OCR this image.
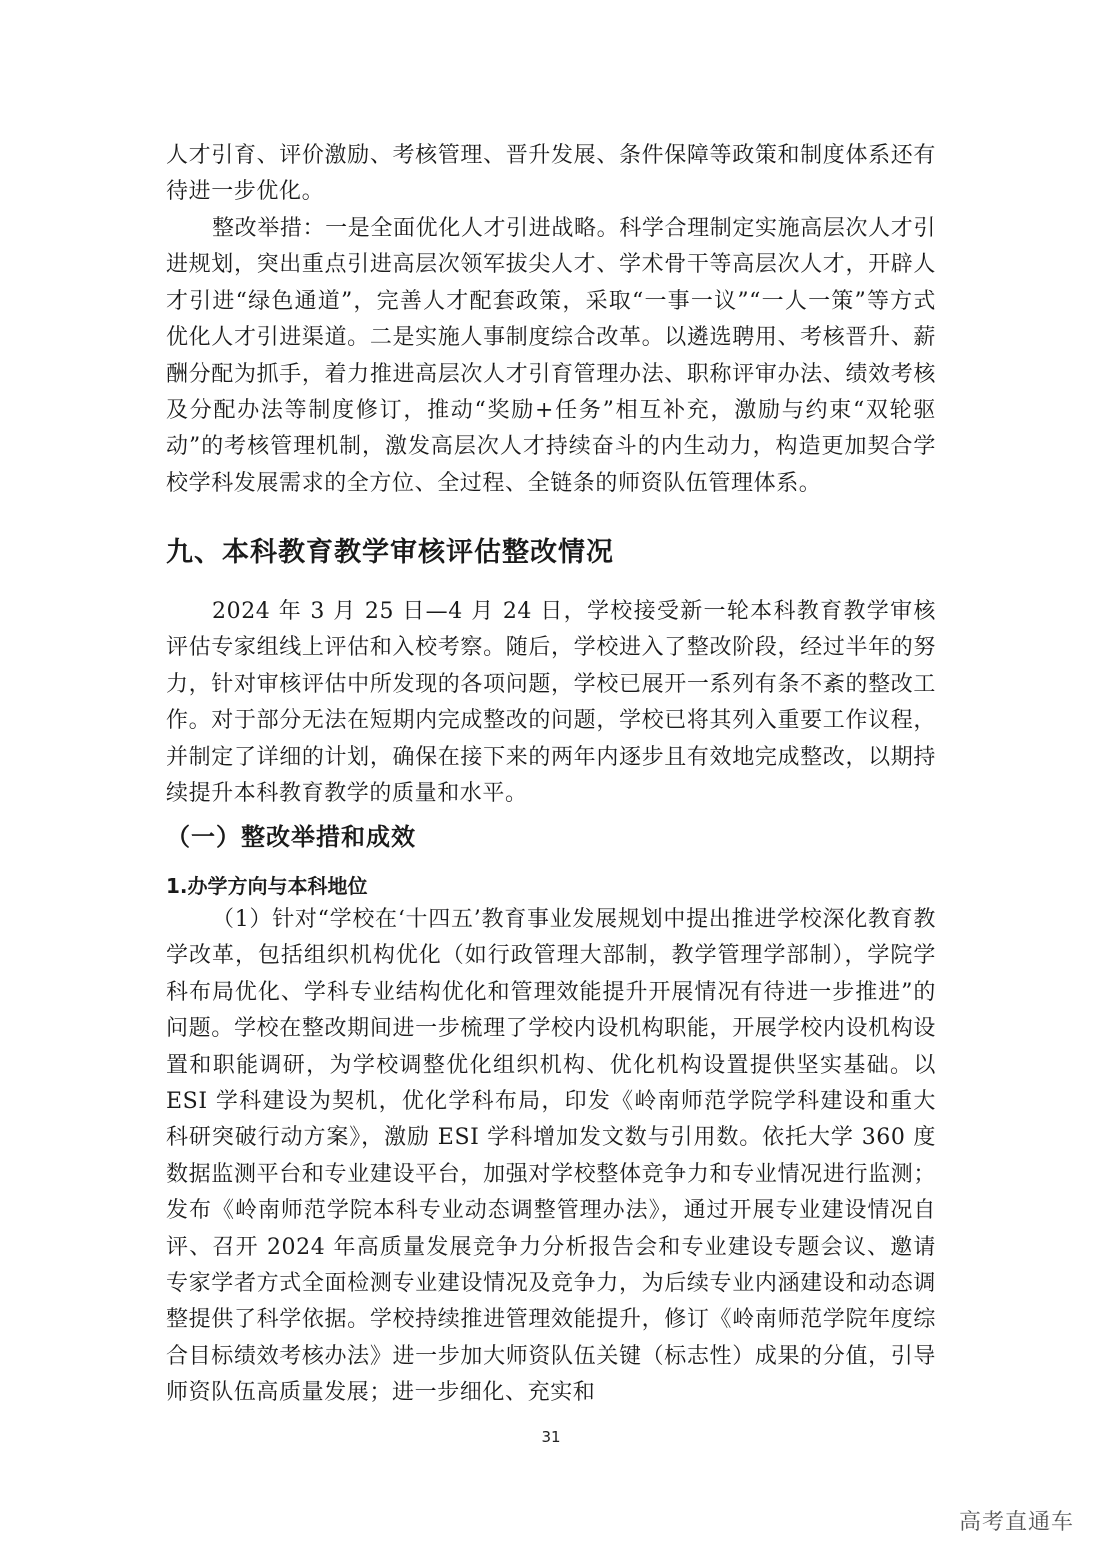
人才引育、评价激励、考核管理、晋升发展、条件保障等政策和制度体系还有待进一步优化。

整改举措：一是全面优化人才引进战略。科学合理制定实施高层次人才引进规划，突出重点引进高层次领军拔尖人才、学术骨干等高层次人才，开辟人才引进“绿色通道”，完善人才配套政策，采取“一事一议”“一人一策”等方式优化人才引进渠道。二是实施人事制度综合改革。以遴选聘用、考核晋升、薪酬分配为抓手，着力推进高层次人才引育管理办法、职称评审办法、绩效考核及分配办法等制度修订，推动“奖励+任务”相互补充，激励与约束“双轮驱动”的考核管理机制，激发高层次人才持续奋斗的内生动力，构造更加契合学校学科发展需求的全方位、全过程、全链条的师资队伍管理体系。

九、本科教育教学审核评估整改情况

2024 年 3 月 25 日—4 月 24 日，学校接受新一轮本科教育教学审核评估专家组线上评估和入校考察。随后，学校进入了整改阶段，经过半年的努力，针对审核评估中所发现的各项问题，学校已展开一系列有条不紊的整改工作。对于部分无法在短期内完成整改的问题，学校已将其列入重要工作议程，并制定了详细的计划，确保在接下来的两年内逐步且有效地完成整改，以期持续提升本科教育教学的质量和水平。

（一）整改举措和成效
1.办学方向与本科地位

（1）针对“学校在‘十四五’教育事业发展规划中提出推进学校深化教育教学改革，包括组织机构优化（如行政管理大部制，教学管理学部制），学院学科布局优化、学科专业结构优化和管理效能提升开展情况有待进一步推进”的问题。学校在整改期间进一步梳理了学校内设机构职能，开展学校内设机构设置和职能调研，为学校调整优化组织机构、优化机构设置提供坚实基础。以 ESI 学科建设为契机，优化学科布局，印发《岭南师范学院学科建设和重大科研突破行动方案》，激励 ESI 学科增加发文数与引用数。依托大学 360 度数据监测平台和专业建设平台，加强对学校整体竞争力和专业情况进行监测；发布《岭南师范学院本科专业动态调整管理办法》，通过开展专业建设情况自评、召开 2024 年高质量发展竞争力分析报告会和专业建设专题会议、邀请专家学者方式全面检测专业建设情况及竞争力，为后续专业内涵建设和动态调整提供了科学依据。学校持续推进管理效能提升，修订《岭南师范学院年度综合目标绩效考核办法》进一步加大师资队伍关键（标志性）成果的分值，引导师资队伍高质量发展；进一步细化、充实和

31
高考直通车
